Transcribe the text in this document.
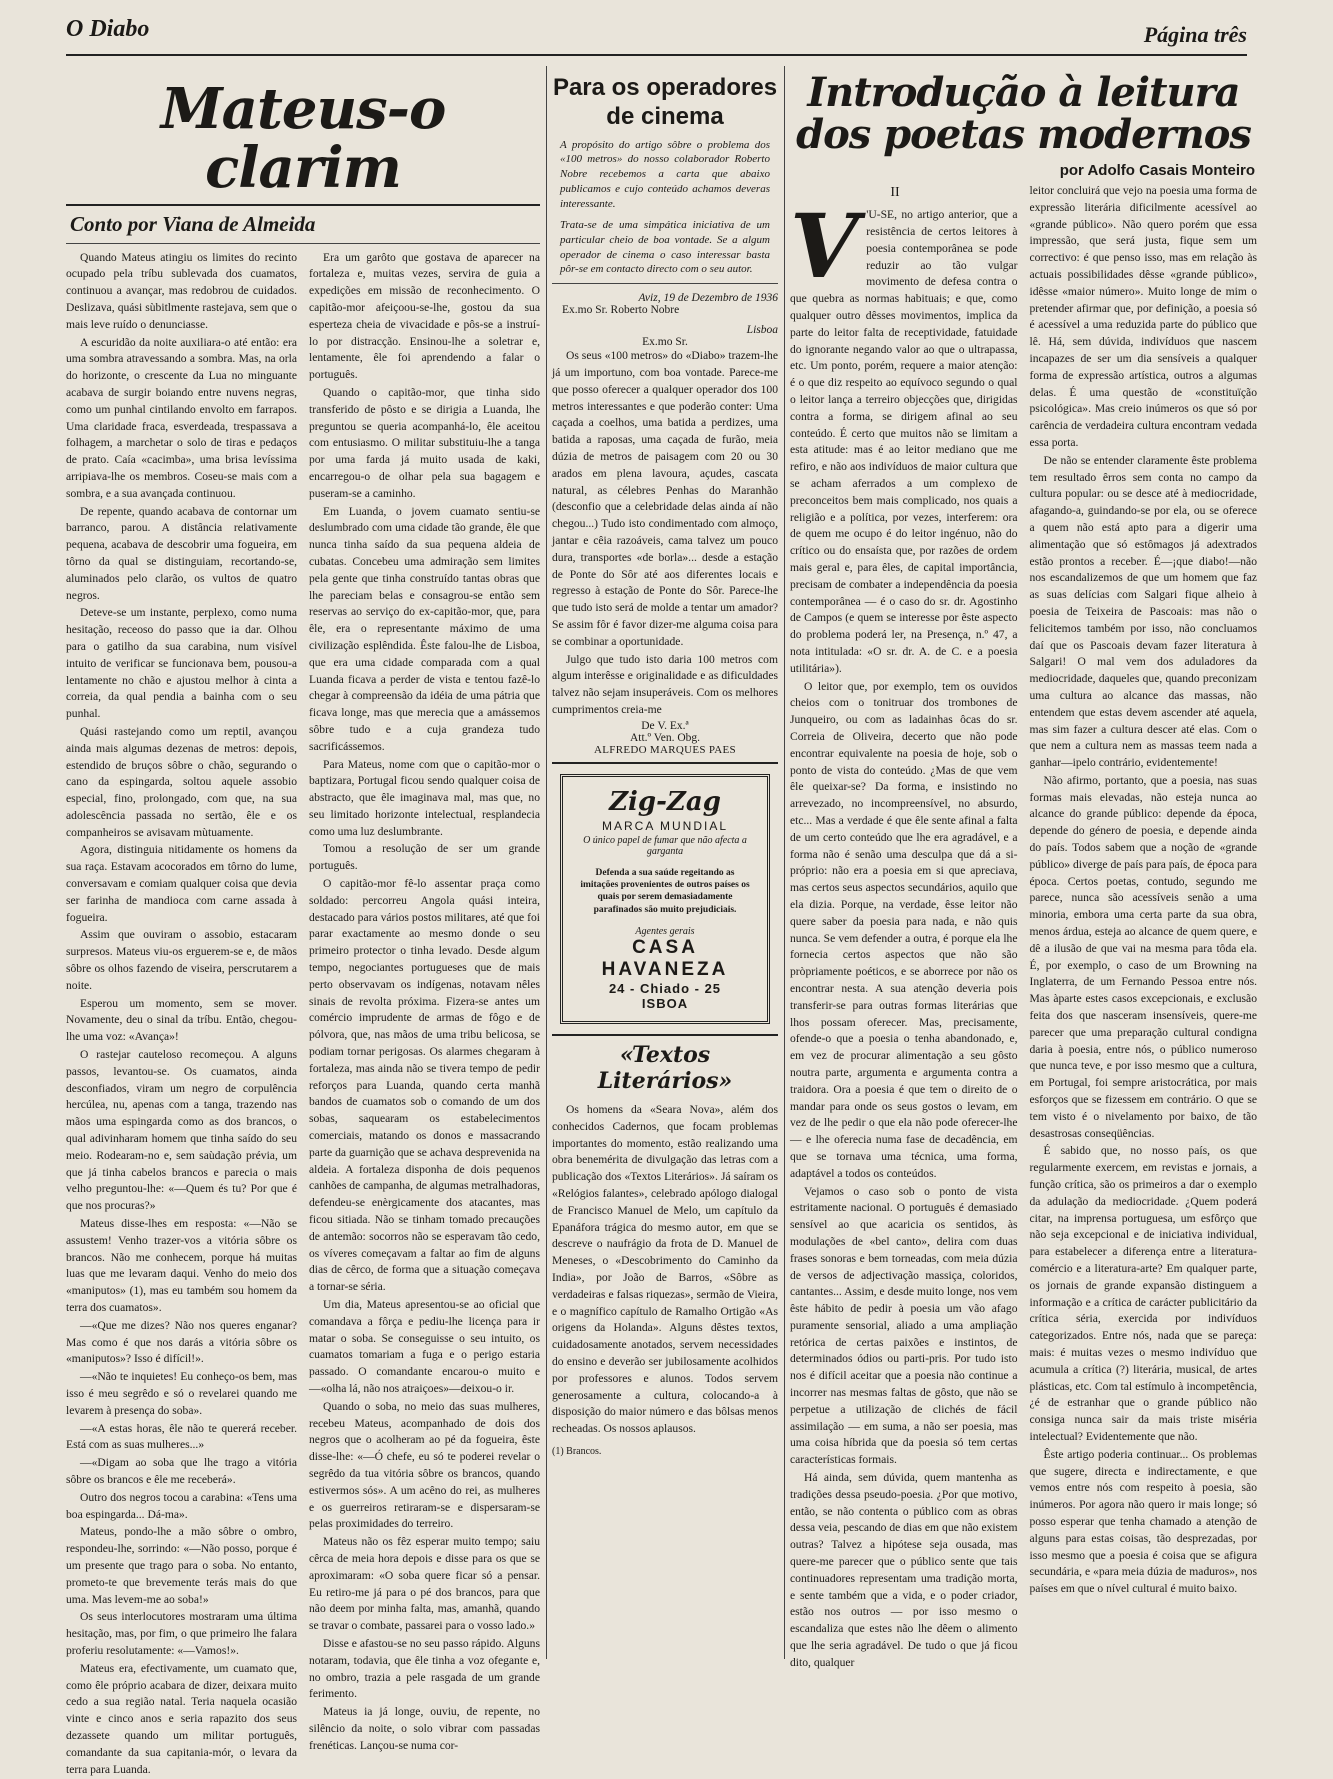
O Diabo	Página três
Mateus-o clarim
Conto por Viana de Almeida

Quando Mateus atingiu os limites do recinto ocupado pela tríbu sublevada dos cuamatos, continuou a avançar, mas redobrou de cuidados. Deslizava, quási sùbitlmente rastejava, sem que o mais leve ruído o denunciasse.

A escuridão da noite auxiliara-o até então: era uma sombra atravessando a sombra. Mas, na orla do horizonte, o crescente da Lua no minguante acabava de surgir boiando entre nuvens negras, como um punhal cintilando envolto em farrapos. Uma claridade fraca, esverdeada, trespassava a folhagem, a marchetar o solo de tiras e pedaços de prato. Caía «cacimba», uma brisa levíssima arripiava-lhe os membros. Coseu-se mais com a sombra, e a sua avançada continuou.

De repente, quando acabava de contornar um barranco, parou. A distância relativamente pequena, acabava de descobrir uma fogueira, em tôrno da qual se distinguiam, recortando-se, aluminados pelo clarão, os vultos de quatro negros.

Deteve-se um instante, perplexo, como numa hesitação, receoso do passo que ia dar. Olhou para o gatilho da sua carabina, num visível intuito de verificar se funcionava bem, pousou-a lentamente no chão e ajustou melhor à cinta a correia, da qual pendia a bainha com o seu punhal.

Quási rastejando como um reptil, avançou ainda mais algumas dezenas de metros: depois, estendido de bruços sôbre o chão, segurando o cano da espingarda, soltou aquele assobio especial, fino, prolongado, com que, na sua adolescência passada no sertão, êle e os companheiros se avisavam mùtuamente.

Agora, distinguia nitidamente os homens da sua raça. Estavam acocorados em tôrno do lume, conversavam e comiam qualquer coisa que devia ser farinha de mandioca com carne assada à fogueira.

Assim que ouviram o assobio, estacaram surpresos. Mateus viu-os erguerem-se e, de mãos sôbre os olhos fazendo de viseira, perscrutarem a noite.

Esperou um momento, sem se mover. Novamente, deu o sinal da tríbu. Então, chegou-lhe uma voz: «Avança»!

O rastejar cauteloso recomeçou. A alguns passos, levantou-se. Os cuamatos, ainda desconfiados, viram um negro de corpulência hercúlea, nu, apenas com a tanga, trazendo nas mãos uma espingarda como as dos brancos, o qual adivinharam homem que tinha saído do seu meio. Rodearam-no e, sem saùdação prévia, um que já tinha cabelos brancos e parecia o mais velho preguntou-lhe: «—Quem és tu? Por que é que nos procuras?»

Mateus disse-lhes em resposta: «—Não se assustem! Venho trazer-vos a vitória sôbre os brancos. Não me conhecem, porque há muitas luas que me levaram daqui. Venho do meio dos «maniputos» (1), mas eu também sou homem da terra dos cuamatos».

—«Que me dizes? Não nos queres enganar? Mas como é que nos darás a vitória sôbre os «maniputos»? Isso é difícil!».

—«Não te inquietes! Eu conheço-os bem, mas isso é meu segrêdo e só o revelarei quando me levarem à presença do soba».

—«A estas horas, êle não te quererá receber. Está com as suas mulheres...»

—«Digam ao soba que lhe trago a vitória sôbre os brancos e êle me receberá».

Outro dos negros tocou a carabina: «Tens uma boa espingarda... Dá-ma».

Mateus, pondo-lhe a mão sôbre o ombro, respondeu-lhe, sorrindo: «—Não posso, porque é um presente que trago para o soba. No entanto, prometo-te que brevemente terás mais do que uma. Mas levem-me ao soba!»

Os seus interlocutores mostraram uma última hesitação, mas, por fim, o que primeiro lhe falara proferiu resolutamente: «—Vamos!».

Mateus era, efectivamente, um cuamato que, como êle próprio acabara de dizer, deixara muito cedo a sua região natal. Teria naquela ocasião vinte e cinco anos e seria rapazito dos seus dezassete quando um militar português, comandante da sua capitania-mór, o levara da terra para Luanda.

Era um garôto que gostava de aparecer na fortaleza e, muitas vezes, servira de guia a expedições em missão de reconhecimento. O capitão-mor afeiçoou-se-lhe, gostou da sua esperteza cheia de vivacidade e pôs-se a instruí-lo por distracção. Ensinou-lhe a soletrar e, lentamente, êle foi aprendendo a falar o português.

Quando o capitão-mor, que tinha sido transferido de pôsto e se dirigia a Luanda, lhe preguntou se queria acompanhá-lo, êle aceitou com entusiasmo. O militar substituiu-lhe a tanga por uma farda já muito usada de kaki, encarregou-o de olhar pela sua bagagem e puseram-se a caminho.

Em Luanda, o jovem cuamato sentiu-se deslumbrado com uma cidade tão grande, êle que nunca tinha saído da sua pequena aldeia de cubatas. Concebeu uma admiração sem limites pela gente que tinha construído tantas obras que lhe pareciam belas e consagrou-se então sem reservas ao serviço do ex-capitão-mor, que, para êle, era o representante máximo de uma civilização esplêndida. Êste falou-lhe de Lisboa, que era uma cidade comparada com a qual Luanda ficava a perder de vista e tentou fazê-lo chegar à compreensão da idéia de uma pátria que ficava longe, mas que merecia que a amássemos sôbre tudo e a cuja grandeza tudo sacrificássemos.

Para Mateus, nome com que o capitão-mor o baptizara, Portugal ficou sendo qualquer coisa de abstracto, que êle imaginava mal, mas que, no seu limitado horizonte intelectual, resplandecia como uma luz deslumbrante.

Tomou a resolução de ser um grande português.

O capitão-mor fê-lo assentar praça como soldado: percorreu Angola quási inteira, destacado para vários postos militares, até que foi parar exactamente ao mesmo donde o seu primeiro protector o tinha levado. Desde algum tempo, negociantes portugueses que de mais perto observavam os indígenas, notavam nêles sinais de revolta próxima. Fizera-se antes um comércio imprudente de armas de fôgo e de pólvora, que, nas mãos de uma tribu belicosa, se podiam tornar perigosas. Os alarmes chegaram à fortaleza, mas ainda não se tivera tempo de pedir reforços para Luanda, quando certa manhã bandos de cuamatos sob o comando de um dos sobas, saquearam os estabelecimentos comerciais, matando os donos e massacrando parte da guarnição que se achava desprevenida na aldeia. A fortaleza disponha de dois pequenos canhões de campanha, de algumas metralhadoras, defendeu-se enèrgicamente dos atacantes, mas ficou sitiada. Não se tinham tomado precauções de antemão: socorros não se esperavam tão cedo, os víveres começavam a faltar ao fim de alguns dias de cêrco, de forma que a situação começava a tornar-se séria.

Um dia, Mateus apresentou-se ao oficial que comandava a fôrça e pediu-lhe licença para ir matar o soba. Se conseguisse o seu intuito, os cuamatos tomariam a fuga e o perigo estaria passado. O comandante encarou-o muito e—«olha lá, não nos atraiçoes»—deixou-o ir.

Quando o soba, no meio das suas mulheres, recebeu Mateus, acompanhado de dois dos negros que o acolheram ao pé da fogueira, êste disse-lhe: «—Ó chefe, eu só te poderei revelar o segrêdo da tua vitória sôbre os brancos, quando estivermos sós». A um acêno do rei, as mulheres e os guerreiros retiraram-se e dispersaram-se pelas proximidades do terreiro.

Mateus não os fêz esperar muito tempo; saiu cêrca de meia hora depois e disse para os que se aproximaram: «O soba quere ficar só a pensar. Eu retiro-me já para o pé dos brancos, para que não deem por minha falta, mas, amanhã, quando se travar o combate, passarei para o vosso lado.»

Disse e afastou-se no seu passo rápido. Alguns notaram, todavia, que êle tinha a voz ofegante e, no ombro, trazia a pele rasgada de um grande ferimento.

Mateus ia já longe, ouviu, de repente, no silêncio da noite, o solo vibrar com passadas frenéticas. Lançou-se numa cor-

Para os operadores de cinema
A propósito do artigo sôbre o problema dos «100 metros» do nosso colaborador Roberto Nobre recebemos a carta que abaixo publicamos e cujo conteúdo achamos deveras interessante.
Trata-se de uma simpática iniciativa de um particular cheio de boa vontade. Se a algum operador de cinema o caso interessar basta pôr-se em contacto directo com o seu autor.
Aviz, 19 de Dezembro de 1936
Ex.mo Sr. Roberto Nobre
Lisboa
Ex.mo Sr.

Os seus «100 metros» do «Diabo» trazem-lhe já um importuno, com boa vontade. Parece-me que posso oferecer a qualquer operador dos 100 metros interessantes e que poderão conter: Uma caçada a coelhos, uma batida a perdizes, uma batida a raposas, uma caçada de furão, meia dúzia de metros de paisagem com 20 ou 30 arados em plena lavoura, açudes, cascata natural, as célebres Penhas do Maranhão (desconfio que a celebridade delas ainda aí não chegou...) Tudo isto condimentado com almoço, jantar e cêia razoáveis, cama talvez um pouco dura, transportes «de borla»... desde a estação de Ponte do Sôr até aos diferentes locais e regresso à estação de Ponte do Sôr. Parece-lhe que tudo isto será de molde a tentar um amador? Se assim fôr é favor dizer-me alguma coisa para se combinar a oportunidade.

Julgo que tudo isto daria 100 metros com algum interêsse e originalidade e as dificuldades talvez não sejam insuperáveis. Com os melhores cumprimentos creia-me

De V. Ex.ª
Att.º Ven. Obg.
ALFREDO MARQUES PAES
Zig-Zag
MARCA MUNDIAL
O único papel de fumar que não afecta a garganta
Defenda a sua saúde regeitando as imitações provenientes de outros países os quais por serem demasiadamente parafinados são muito prejudiciais.
Agentes gerais
CASA HAVANEZA
24 - Chiado - 25
ISBOA
«Textos Literários»

Os homens da «Seara Nova», além dos conhecidos Cadernos, que focam problemas importantes do momento, estão realizando uma obra benemérita de divulgação das letras com a publicação dos «Textos Literários». Já saíram os «Relógios falantes», celebrado apólogo dialogal de Francisco Manuel de Melo, um capítulo da Epanáfora trágica do mesmo autor, em que se descreve o naufrágio da frota de D. Manuel de Meneses, o «Descobrimento do Caminho da India», por João de Barros, «Sôbre as verdadeiras e falsas riquezas», sermão de Vieira, e o magnífico capítulo de Ramalho Ortigão «As origens da Holanda». Alguns dêstes textos, cuidadosamente anotados, servem necessidades do ensino e deverão ser jubilosamente acolhidos por professores e alunos. Todos servem generosamente a cultura, colocando-a à disposição do maior número e das bôlsas menos recheadas. Os nossos aplausos.

(1) Brancos.
Introdução à leitura dos poetas modernos
por Adolfo Casais Monteiro
II

V 'U-SE, no artigo anterior, que a resistência de certos leitores à poesia contemporânea se pode reduzir ao tão vulgar movimento de defesa contra o que quebra as normas habituais; e que, como qualquer outro dêsses movimentos, implica da parte do leitor falta de receptividade, fatuidade do ignorante negando valor ao que o ultrapassa, etc. Um ponto, porém, requere a maior atenção: é o que diz respeito ao equívoco segundo o qual o leitor lança a terreiro objecções que, dirigidas contra a forma, se dirigem afinal ao seu conteúdo. É certo que muitos não se limitam a esta atitude: mas é ao leitor mediano que me refiro, e não aos indivíduos de maior cultura que se acham aferrados a um complexo de preconceitos bem mais complicado, nos quais a religião e a política, por vezes, interferem: ora de quem me ocupo é do leitor ingénuo, não do crítico ou do ensaísta que, por razões de ordem mais geral e, para êles, de capital importância, precisam de combater a independência da poesia contemporânea — é o caso do sr. dr. Agostinho de Campos (e quem se interesse por êste aspecto do problema poderá ler, na Presença, n.º 47, a nota intitulada: «O sr. dr. A. de C. e a poesia utilitária»).

O leitor que, por exemplo, tem os ouvidos cheios com o tonitruar dos trombones de Junqueiro, ou com as ladainhas ôcas do sr. Correia de Oliveira, decerto que não pode encontrar equivalente na poesia de hoje, sob o ponto de vista do conteúdo. ¿Mas de que vem êle queixar-se? Da forma, e insistindo no arrevezado, no incompreensível, no absurdo, etc... Mas a verdade é que êle sente afinal a falta de um certo conteúdo que lhe era agradável, e a forma não é senão uma desculpa que dá a si-próprio: não era a poesia em si que apreciava, mas certos seus aspectos secundários, aquilo que ela dizia. Porque, na verdade, êsse leitor não quere saber da poesia para nada, e não quis nunca. Se vem defender a outra, é porque ela lhe fornecia certos aspectos que não são pròpriamente poéticos, e se aborrece por não os encontrar nesta. A sua atenção deveria pois transferir-se para outras formas literárias que lhos possam oferecer. Mas, precisamente, ofende-o que a poesia o tenha abandonado, e, em vez de procurar alimentação a seu gôsto noutra parte, argumenta e argumenta contra a traidora. Ora a poesia é que tem o direito de o mandar para onde os seus gostos o levam, em vez de lhe pedir o que ela não pode oferecer-lhe — e lhe oferecia numa fase de decadência, em que se tornava uma técnica, uma forma, adaptável a todos os conteúdos.

Vejamos o caso sob o ponto de vista estritamente nacional. O português é demasiado sensível ao que acaricia os sentidos, às modulações de «bel canto», delira com duas frases sonoras e bem torneadas, com meia dúzia de versos de adjectivação massiça, coloridos, cantantes... Assim, e desde muito longe, nos vem êste hábito de pedir à poesia um vão afago puramente sensorial, aliado a uma ampliação retórica de certas paixões e instintos, de determinados ódios ou parti-pris. Por tudo isto nos é difícil aceitar que a poesia não continue a incorrer nas mesmas faltas de gôsto, que não se perpetue a utilização de clichés de fácil assimilação — em suma, a não ser poesia, mas uma coisa híbrida que da poesia só tem certas características formais.

Há ainda, sem dúvida, quem mantenha as tradições dessa pseudo-poesia. ¿Por que motivo, então, se não contenta o público com as obras dessa veia, pescando de dias em que não existem outras? Talvez a hipótese seja ousada, mas quere-me parecer que o público sente que tais continuadores representam uma tradição morta, e sente também que a vida, e o poder criador, estão nos outros — por isso mesmo o escandaliza que estes não lhe dêem o alimento que lhe seria agradável. De tudo o que já ficou dito, qualquer

leitor concluirá que vejo na poesia uma forma de expressão literária dificilmente acessível ao «grande público». Não quero porém que essa impressão, que será justa, fique sem um correctivo: é que penso isso, mas em relação às actuais possibilidades dêsse «grande público», idêsse «maior número». Muito longe de mim o pretender afirmar que, por definição, a poesia só é acessível a uma reduzida parte do público que lê. Há, sem dúvida, indivíduos que nascem incapazes de ser um dia sensíveis a qualquer forma de expressão artística, outros a algumas delas. É uma questão de «constituïção psicológica». Mas creio inúmeros os que só por carência de verdadeira cultura encontram vedada essa porta.

De não se entender claramente êste problema tem resultado êrros sem conta no campo da cultura popular: ou se desce até à mediocridade, afagando-a, guindando-se por ela, ou se oferece a quem não está apto para a digerir uma alimentação que só estômagos já adextrados estão prontos a receber. É—¡que diabo!—não nos escandalizemos de que um homem que faz as suas delícias com Salgari fique alheio à poesia de Teixeira de Pascoais: mas não o felicitemos também por isso, não concluamos daí que os Pascoais devam fazer literatura à Salgari! O mal vem dos aduladores da mediocridade, daqueles que, quando preconizam uma cultura ao alcance das massas, não entendem que estas devem ascender até aquela, mas sim fazer a cultura descer até elas. Com o que nem a cultura nem as massas teem nada a ganhar—ipelo contrário, evidentemente!

Não afirmo, portanto, que a poesia, nas suas formas mais elevadas, não esteja nunca ao alcance do grande público: depende da época, depende do género de poesia, e depende ainda do país. Todos sabem que a noção de «grande público» diverge de país para país, de época para época. Certos poetas, contudo, segundo me parece, nunca são acessíveis senão a uma minoria, embora uma certa parte da sua obra, menos árdua, esteja ao alcance de quem quere, e dê a ilusão de que vai na mesma para tôda ela. É, por exemplo, o caso de um Browning na Inglaterra, de um Fernando Pessoa entre nós. Mas àparte estes casos excepcionais, e exclusão feita dos que nasceram insensíveis, quere-me parecer que uma preparação cultural condigna daria à poesia, entre nós, o público numeroso que nunca teve, e por isso mesmo que a cultura, em Portugal, foi sempre aristocrática, por mais esforços que se fizessem em contrário. O que se tem visto é o nivelamento por baixo, de tão desastrosas conseqüências.

É sabido que, no nosso país, os que regularmente exercem, em revistas e jornais, a função crítica, são os primeiros a dar o exemplo da adulação da mediocridade. ¿Quem poderá citar, na imprensa portuguesa, um esfôrço que não seja excepcional e de iniciativa individual, para estabelecer a diferença entre a literatura-comércio e a literatura-arte? Em qualquer parte, os jornais de grande expansão distinguem a informação e a crítica de carácter publicitário da crítica séria, exercida por indivíduos categorizados. Entre nós, nada que se pareça: mais: é muitas vezes o mesmo indivíduo que acumula a crítica (?) literária, musical, de artes plásticas, etc. Com tal estímulo à incompetência, ¿é de estranhar que o grande público não consiga nunca sair da mais triste miséria intelectual? Evidentemente que não.

Êste artigo poderia continuar... Os problemas que sugere, directa e indirectamente, e que vemos entre nós com respeito à poesia, são inúmeros. Por agora não quero ir mais longe; só posso esperar que tenha chamado a atenção de alguns para estas coisas, tão desprezadas, por isso mesmo que a poesia é coisa que se afigura secundária, e «para meia dúzia de maduros», nos países em que o nível cultural é muito baixo.
